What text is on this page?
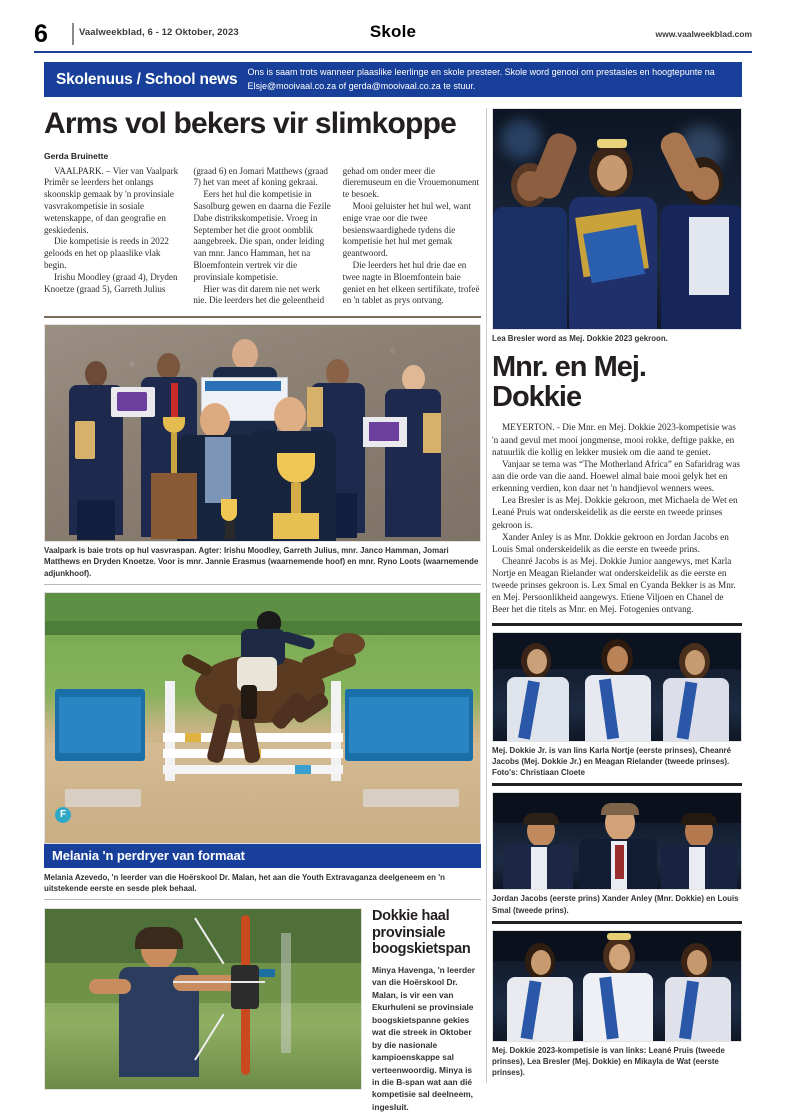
6	Vaalweekblad, 6 - 12 Oktober, 2023	Skole	www.vaalweekblad.com
Skolenuus / School news	Ons is saam trots wanneer plaaslike leerlinge en skole presteer. Skole word genooi om prestasies en hoogtepunte na Elsje@mooivaal.co.za of gerda@mooivaal.co.za te stuur.
Arms vol bekers vir slimkoppe
Gerda Bruinette

VAALPARK. – Vier van Vaalpark Primêr se leerders het onlangs skoonskip gemaak by 'n provinsiale vasvrakompetisie in sosiale wetenskappe, of dan geografie en geskiedenis.

Die kompetisie is reeds in 2022 geloods en het op plaaslike vlak begin.

Irishu Moodley (graad 4), Dryden Knoetze (graad 5), Garreth Julius (graad 6) en Jomari Matthews (graad 7) het van meet af koning gekraai.

Eers het hul die kompetisie in Sasolburg gewen en daarna die Fezile Dabe distrikskompetisie. Vroeg in September het die groot oomblik aangebreek. Die span, onder leiding van mnr. Janco Hamman, het na Bloemfontein vertrek vir die provinsiale kompetisie.

Hier was dit darem nie net werk nie. Die leerders het die geleentheid gehad om onder meer die dieremuseum en die Vrouemonument te besoek.

Mooi geluister het hul wel, want enige vrae oor die twee besienswaardighede tydens die kompetisie het hul met gemak geantwoord.

Die leerders het hul drie dae en twee nagte in Bloemfontein baie geniet en het elkeen sertifikate, trofeë en 'n tablet as prys ontvang.

Vaalpark is baie trots op hul vasvraspan. Agter: Irishu Moodley, Garreth Julius, mnr. Janco Hamman, Jomari Matthews en Dryden Knoetze. Voor is mnr. Jannie Erasmus (waarnemende hoof) en mnr. Ryno Loots (waarnemende adjunkhoof).
F
Melania 'n perdryer van formaat
Melania Azevedo, 'n leerder van die Hoërskool Dr. Malan, het aan die Youth Extravaganza deelgeneem en 'n uitstekende eerste en sesde plek behaal.
Dokkie haal provinsiale boogskietspan

Minya Havenga, 'n leerder van die Hoërskool Dr. Malan, is vir een van Ekurhuleni se provinsiale boogskietspanne gekies wat die streek in Oktober by die nasionale kampioenskappe sal verteenwoordig. Minya is in die B-span wat aan dié kompetisie sal deelneem, ingesluit.

Lea Bresler word as Mej. Dokkie 2023 gekroon.
Mnr. en Mej. Dokkie

MEYERTON. - Die Mnr. en Mej. Dokkie 2023-kompetisie was 'n aand gevul met mooi jongmense, mooi rokke, deftige pakke, en natuurlik die kollig en lekker musiek om die aand te geniet.

Vanjaar se tema was “The Motherland Africa” en Safaridrag was aan die orde van die aand. Hoewel almal baie mooi gelyk het en erkenning verdien, kon daar net 'n handjievol wenners wees.

Lea Bresler is as Mej. Dokkie gekroon, met Michaela de Wet en Leané Pruis wat onderskeidelik as die eerste en tweede prinses gekroon is.

Xander Anley is as Mnr. Dokkie gekroon en Jordan Jacobs en Louis Smal onderskeidelik as die eerste en tweede prins.

Cheanré Jacobs is as Mej. Dokkie Junior aangewys, met Karla Nortje en Meagan Rielander wat onderskeidelik as die eerste en tweede prinses gekroon is. Lex Smal en Cyanda Bekker is as Mnr. en Mej. Persoonlikheid aangewys. Etiene Viljoen en Chanel de Beer het die titels as Mnr. en Mej. Fotogenies ontvang.

Mej. Dokkie Jr. is van lins Karla Nortje (eerste prinses), Cheanré Jacobs (Mej. Dokkie Jr.) en Meagan Rielander (tweede prinses). Foto's: Christiaan Cloete
Jordan Jacobs (eerste prins) Xander Anley (Mnr. Dokkie) en Louis Smal (tweede prins).
Mej. Dokkie 2023-kompetisie is van links: Leané Pruis (tweede prinses), Lea Bresler (Mej. Dokkie) en Mikayla de Wat (eerste prinses).
